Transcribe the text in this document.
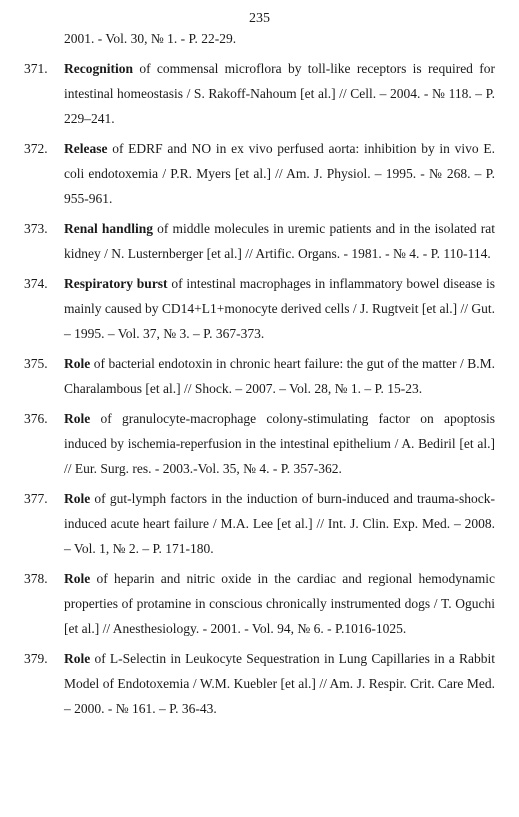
235
2001. - Vol. 30, № 1. - P. 22-29.
371.	Recognition of commensal microflora by toll-like receptors is required for intestinal homeostasis / S. Rakoff-Nahoum [et al.] // Cell. – 2004. - № 118. – P. 229–241.
372.	Release of EDRF and NO in ex vivo perfused aorta: inhibition by in vivo E. coli endotoxemia / P.R. Myers [et al.] // Am. J. Physiol. – 1995. - № 268. – P. 955-961.
373.	Renal handling of middle molecules in uremic patients and in the isolated rat kidney / N. Lusternberger [et al.] // Artific. Organs. - 1981. - № 4. - P. 110-114.
374.	Respiratory burst of intestinal macrophages in inflammatory bowel disease is mainly caused by CD14+L1+monocyte derived cells / J. Rugtveit [et al.] // Gut. – 1995. – Vol. 37, № 3. – P. 367-373.
375.	Role of bacterial endotoxin in chronic heart failure: the gut of the matter / B.M. Charalambous [et al.] // Shock. – 2007. – Vol. 28, № 1. – P. 15-23.
376.	Role of granulocyte-macrophage colony-stimulating factor on apoptosis induced by ischemia-reperfusion in the intestinal epithelium / A. Bediril [et al.] // Eur. Surg. res. - 2003.-Vol. 35, № 4. - P. 357-362.
377.	Role of gut-lymph factors in the induction of burn-induced and trauma-shock-induced acute heart failure / M.A. Lee [et al.] // Int. J. Clin. Exp. Med. – 2008. – Vol. 1, № 2. – P. 171-180.
378.	Role of heparin and nitric oxide in the cardiac and regional hemodynamic properties of protamine in conscious chronically instrumented dogs / T. Oguchi [et al.] // Anesthesiology. - 2001. - Vol. 94, № 6. - P.1016-1025.
379.	Role of L-Selectin in Leukocyte Sequestration in Lung Capillaries in a Rabbit Model of Endotoxemia / W.M. Kuebler [et al.] // Am. J. Respir. Crit. Care Med. – 2000. - № 161. – P. 36-43.
